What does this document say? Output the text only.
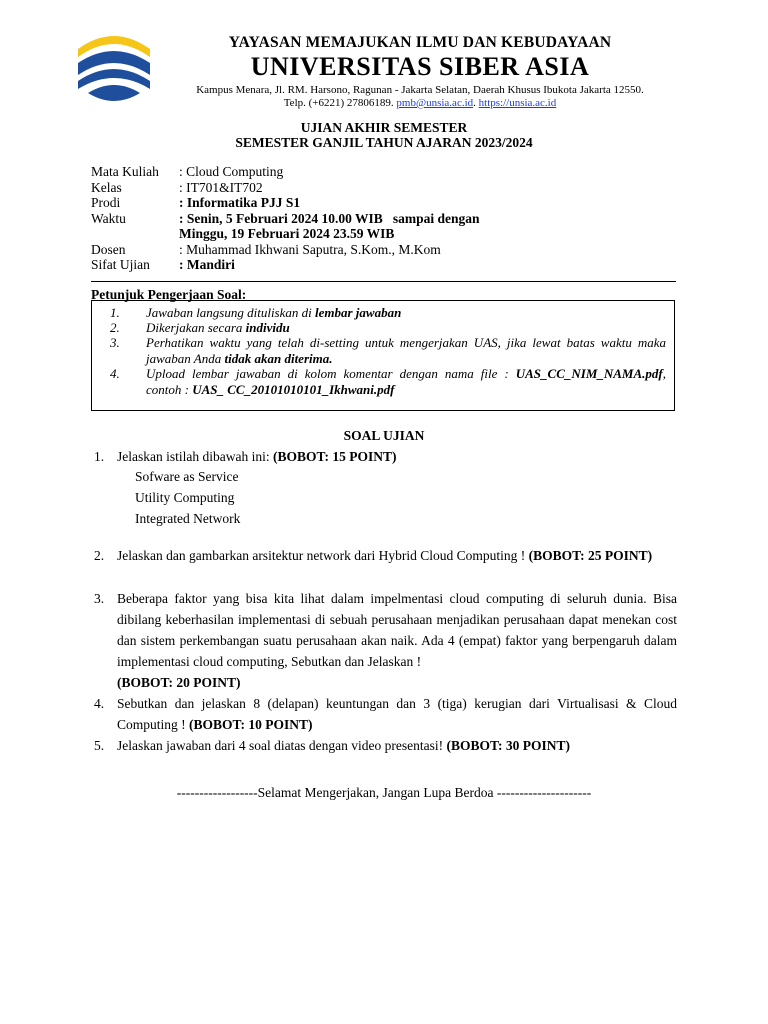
YAYASAN MEMAJUKAN ILMU DAN KEBUDAYAAN
UNIVERSITAS SIBER ASIA
Kampus Menara, Jl. RM. Harsono, Ragunan - Jakarta Selatan, Daerah Khusus Ibukota Jakarta 12550.
Telp. (+6221) 27806189. pmb@unsia.ac.id. https://unsia.ac.id
UJIAN AKHIR SEMESTER
SEMESTER GANJIL TAHUN AJARAN 2023/2024
Mata Kuliah	: Cloud Computing
Kelas	: IT701&IT702
Prodi	: Informatika PJJ S1
Waktu	: Senin, 5 Februari 2024 10.00 WIB   sampai dengan
Minggu, 19 Februari 2024 23.59 WIB
Dosen	: Muhammad Ikhwani Saputra, S.Kom., M.Kom
Sifat Ujian	: Mandiri
Petunjuk Pengerjaan Soal:
1.	Jawaban langsung dituliskan di lembar jawaban
2.	Dikerjakan secara individu
3.	Perhatikan waktu yang telah di-setting untuk mengerjakan UAS, jika lewat batas waktu maka jawaban Anda tidak akan diterima.
4.	Upload lembar jawaban di kolom komentar dengan nama file : UAS_CC_NIM_NAMA.pdf, contoh : UAS_ CC_20101010101_Ikhwani.pdf
SOAL UJIAN
1. Jelaskan istilah dibawah ini: (BOBOT: 15 POINT)
Sofware as Service
Utility Computing
Integrated Network
2. Jelaskan dan gambarkan arsitektur network dari Hybrid Cloud Computing ! (BOBOT: 25 POINT)
3. Beberapa faktor yang bisa kita lihat dalam impelmentasi cloud computing di seluruh dunia. Bisa dibilang keberhasilan implementasi di sebuah perusahaan menjadikan perusahaan dapat menekan cost dan sistem perkembangan suatu perusahaan akan naik. Ada 4 (empat) faktor yang berpengaruh dalam implementasi cloud computing, Sebutkan dan Jelaskan !
(BOBOT: 20 POINT)
4. Sebutkan dan jelaskan 8 (delapan) keuntungan dan 3 (tiga) kerugian dari Virtualisasi & Cloud Computing ! (BOBOT: 10 POINT)
5. Jelaskan jawaban dari 4 soal diatas dengan video presentasi! (BOBOT: 30 POINT)
------------------Selamat Mengerjakan, Jangan Lupa Berdoa ---------------------
